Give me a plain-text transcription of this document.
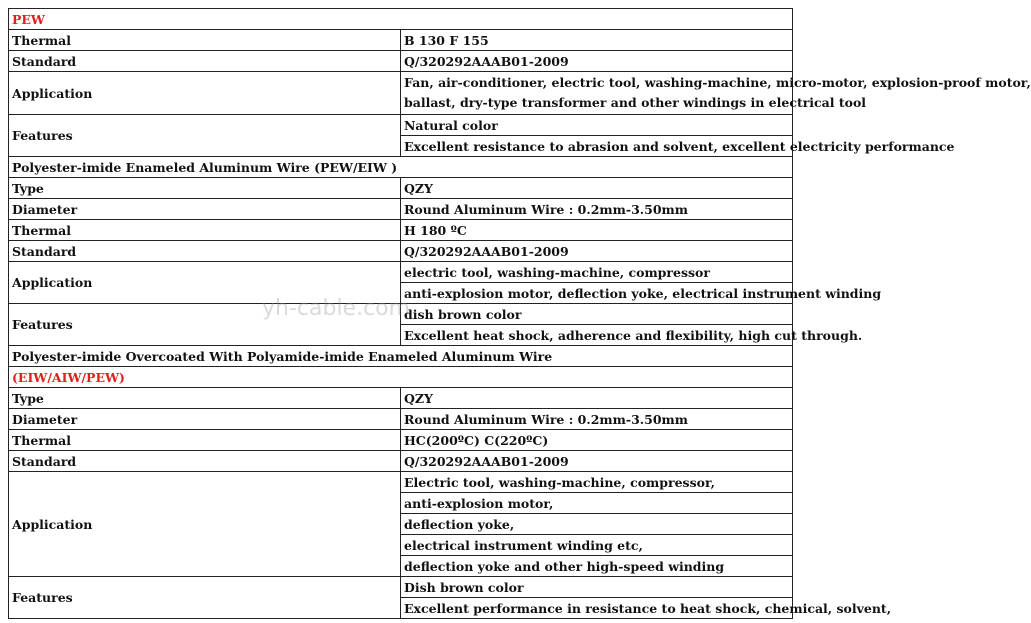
PEW	
Thermal	B 130 F 155
Standard	Q/320292AAAB01-2009
Application	Fan, air-conditioner, electric tool, washing-machine, micro-motor, explosion-proof motor,
ballast, dry-type transformer and other windings in electrical tool
Features	Natural color
	Excellent resistance to abrasion and solvent, excellent electricity performance
Polyester-imide Enameled Aluminum Wire (PEW/EIW )	
Type	QZY
Diameter	Round Aluminum Wire : 0.2mm-3.50mm
Thermal	H 180 ºC
Standard	Q/320292AAAB01-2009
Application	electric tool, washing-machine, compressor
	anti-explosion motor, deflection yoke, electrical instrument winding
Features	dish brown color
	Excellent heat shock, adherence and flexibility, high cut through.
Polyester-imide Overcoated With Polyamide-imide Enameled Aluminum Wire	
(EIW/AIW/PEW)	
Type	QZY
Diameter	Round Aluminum Wire : 0.2mm-3.50mm
Thermal	HC(200ºC) C(220ºC)
Standard	Q/320292AAAB01-2009
Application	Electric tool, washing-machine, compressor,
	anti-explosion motor,
	deflection yoke,
	electrical instrument winding etc,
	deflection yoke and other high-speed winding
Features	Dish brown color
	Excellent performance in resistance to heat shock, chemical, solvent,
yh-cable.com
